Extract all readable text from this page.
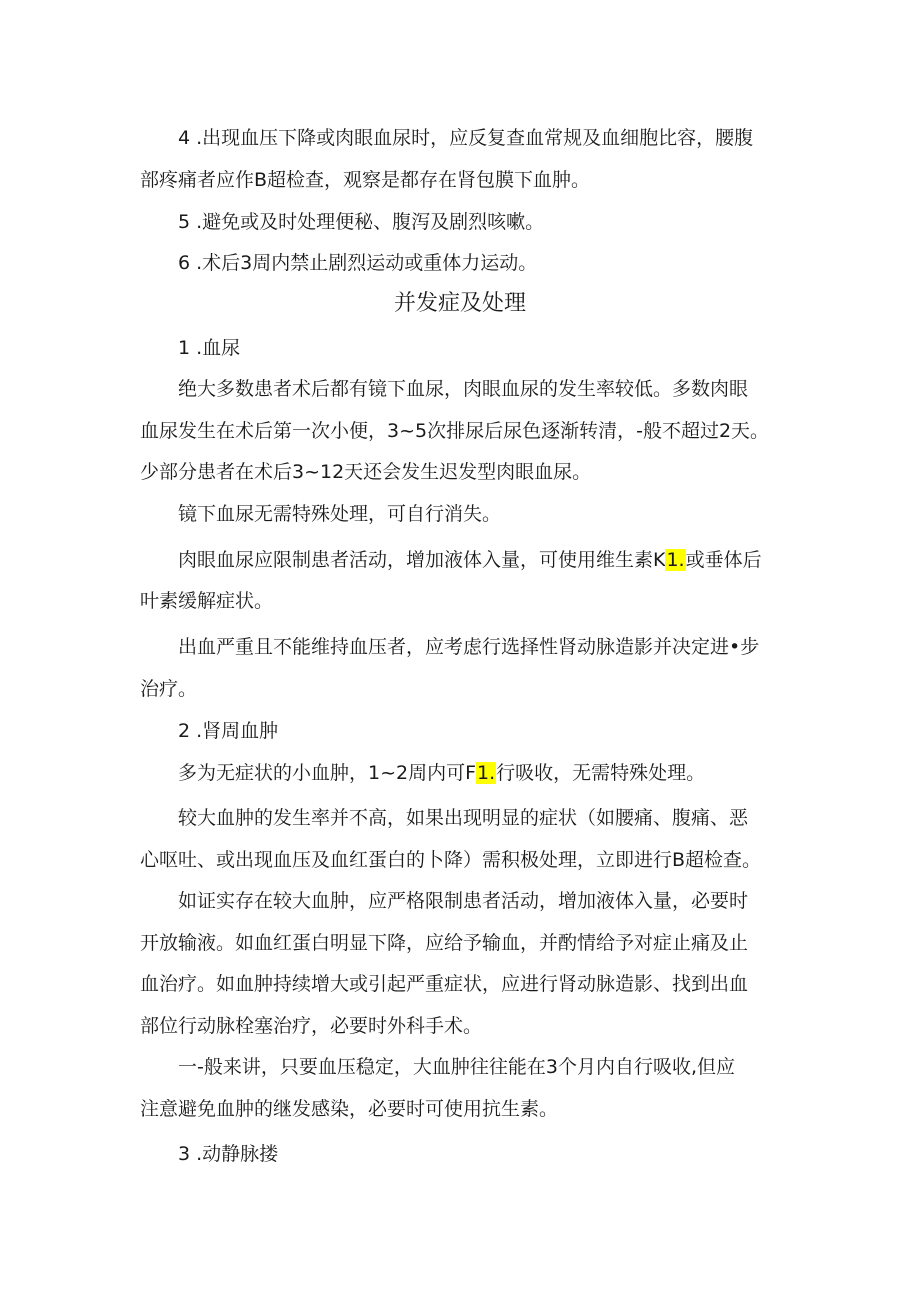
4 .出现血压下降或肉眼血尿时，应反复查血常规及血细胞比容，腰腹
部疼痛者应作B超检查，观察是都存在肾包膜下血肿。
5 .避免或及时处理便秘、腹泻及剧烈咳嗽。
6 .术后3周内禁止剧烈运动或重体力运动。
并发症及处理
1 .血尿
绝大多数患者术后都有镜下血尿，肉眼血尿的发生率较低。多数肉眼
血尿发生在术后第一次小便，3~5次排尿后尿色逐渐转清，-般不超过2天。
少部分患者在术后3~12天还会发生迟发型肉眼血尿。
镜下血尿无需特殊处理，可自行消失。
肉眼血尿应限制患者活动，增加液体入量，可使用维生素K1.或垂体后
叶素缓解症状。
出血严重且不能维持血压者，应考虑行选择性肾动脉造影并决定进•步
治疗。
2 .肾周血肿
多为无症状的小血肿，1~2周内可F1.行吸收，无需特殊处理。
较大血肿的发生率并不高，如果出现明显的症状（如腰痛、腹痛、恶
心呕吐、或出现血压及血红蛋白的卜降）需积极处理，立即进行B超检查。
如证实存在较大血肿，应严格限制患者活动，增加液体入量，必要时
开放输液。如血红蛋白明显下降，应给予输血，并酌情给予对症止痛及止
血治疗。如血肿持续增大或引起严重症状，应进行肾动脉造影、找到出血
部位行动脉栓塞治疗，必要时外科手术。
一-般来讲，只要血压稳定，大血肿往往能在3个月内自行吸收,但应
注意避免血肿的继发感染，必要时可使用抗生素。
3 .动静脉搂
